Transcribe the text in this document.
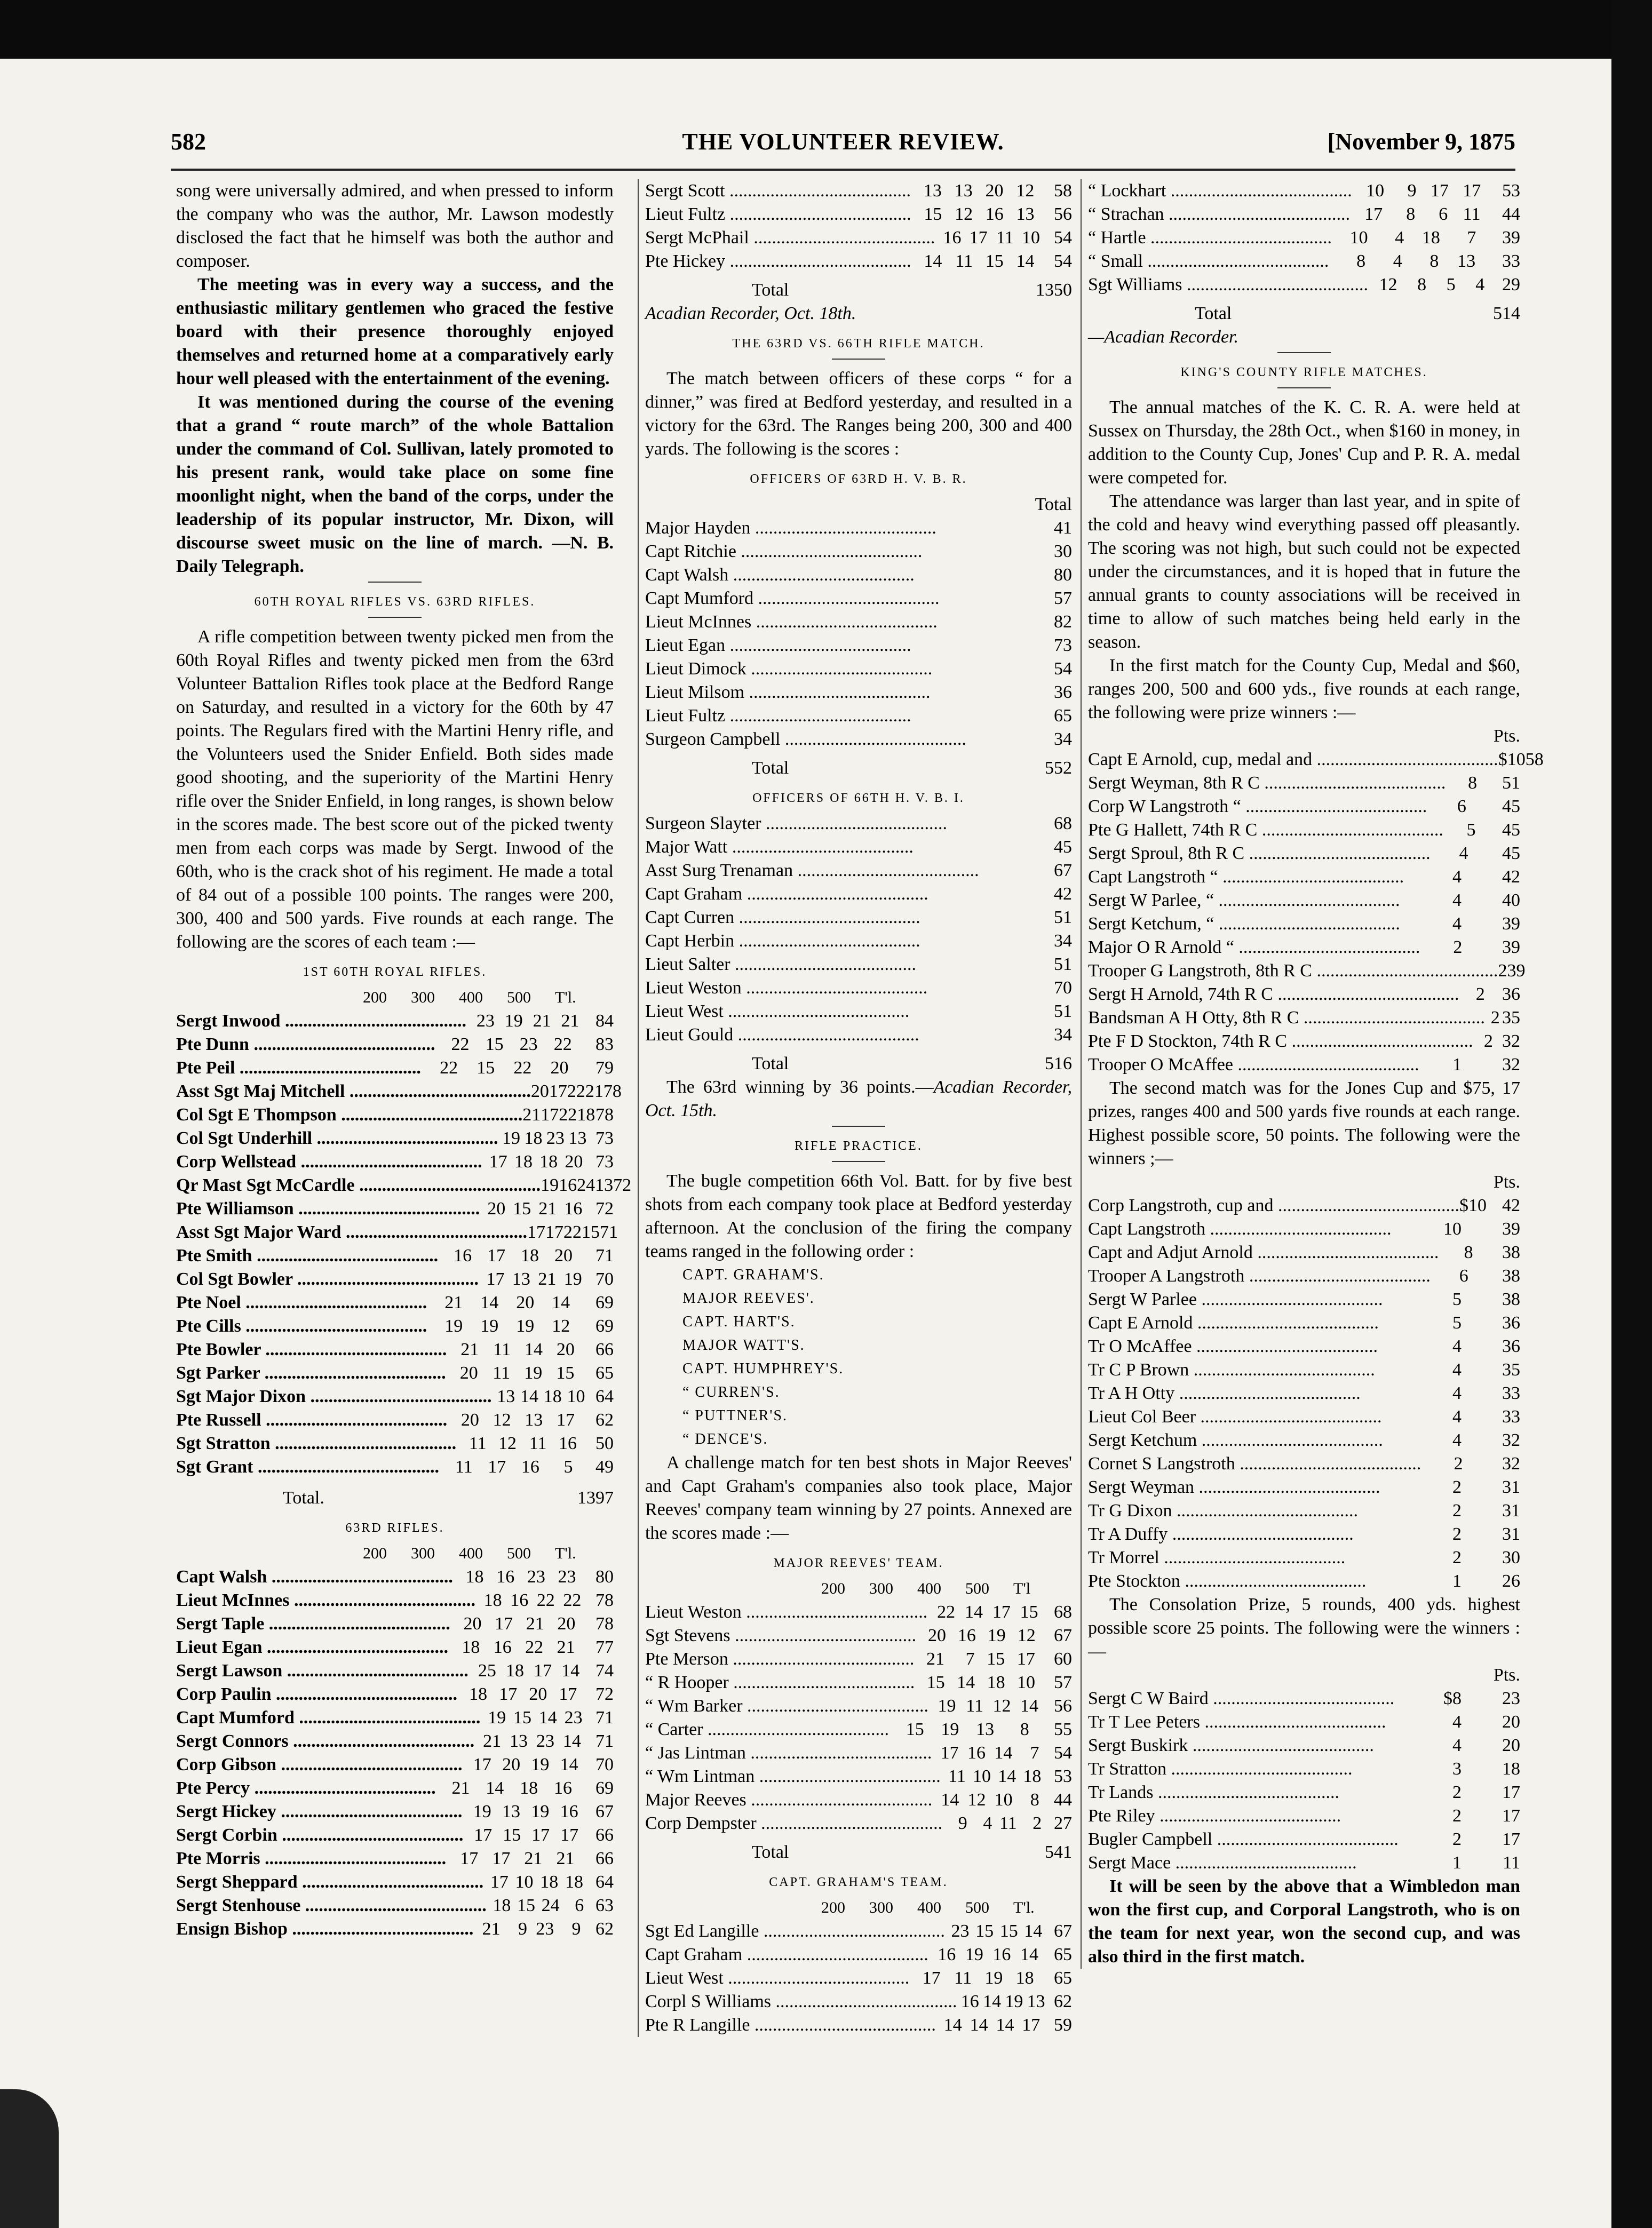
582	THE VOLUNTEER REVIEW.	[November 9, 1875

song were universally admired, and when pressed to inform the company who was the author, Mr. Lawson modestly disclosed the fact that he himself was both the author and composer.

The meeting was in every way a success, and the enthusiastic military gentlemen who graced the festive board with their presence thoroughly enjoyed themselves and returned home at a comparatively early hour well pleased with the entertainment of the evening.

It was mentioned during the course of the evening that a grand “ route march” of the whole Battalion under the command of Col. Sullivan, lately promoted to his present rank, would take place on some fine moonlight night, when the band of the corps, under the leadership of its popular instructor, Mr. Dixon, will discourse sweet music on the line of march. —N. B. Daily Telegraph.

60TH ROYAL RIFLES VS. 63RD RIFLES.

A rifle competition between twenty picked men from the 60th Royal Rifles and twenty picked men from the 63rd Volunteer Battalion Rifles took place at the Bedford Range on Saturday, and resulted in a victory for the 60th by 47 points. The Regulars fired with the Martini Henry rifle, and the Volunteers used the Snider Enfield. Both sides made good shooting, and the superiority of the Martini Henry rifle over the Snider Enfield, in long ranges, is shown below in the scores made. The best score out of the picked twenty men from each corps was made by Sergt. Inwood of the 60th, who is the crack shot of his regiment. He made a total of 84 out of a possible 100 points. The ranges were 200, 300, 400 and 500 yards. Five rounds at each range. The following are the scores of each team :—

1ST 60TH ROYAL RIFLES.
200	300	400	500	T'l.
Sergt Inwood ........................................ 23 19 21 21 84
Pte Dunn ........................................ 22 15 23 22	83
Pte Peil ........................................	22	15	22	20	79
Asst Sgt Maj Mitchell ........................................ 20 17 22 21 78
Col Sgt E Thompson ........................................ 21 17 22 18 78
Col Sgt Underhill ........................................ 19 18 23 13 73
Corp Wellstead ........................................ 17 18 18 20 73
Qr Mast Sgt McCardle ........................................ 19 16 24 13 72
Pte Williamson ........................................ 20 15 21 16 72
Asst Sgt Major Ward ........................................ 17 17 22 15 71
Pte Smith ........................................ 16 17 18 20	71
Col Sgt Bowler ........................................ 17 13 21 19 70
Pte Noel ........................................ 21 14 20 14	69
Pte Cills ........................................ 19 19 19 12	69
Pte Bowler ........................................ 21 11 14 20	66
Sgt Parker ........................................ 20 11 19 15	65
Sgt Major Dixon ........................................ 13 14 18 10 64
Pte Russell ........................................ 20 12 13 17	62
Sgt Stratton ........................................ 11 12 11 16	50
Sgt Grant ........................................ 11 17 16	5	49
Total.	1397
63RD RIFLES.
200	300	400	500	T'l.
Capt Walsh ........................................ 18 16 23 23	80
Lieut McInnes ........................................ 18 16 22 22 78
Sergt Taple ........................................ 20 17 21 20	78
Lieut Egan ........................................ 18 16 22 21	77
Sergt Lawson ........................................ 25 18 17 14 74
Corp Paulin ........................................ 18 17 20 17	72
Capt Mumford ........................................ 19 15 14 23 71
Sergt Connors ........................................ 21 13 23 14 71
Corp Gibson ........................................ 17 20 19 14 70
Pte Percy ........................................ 21 14 18 16	69
Sergt Hickey ........................................ 19 13 19 16 67
Sergt Corbin ........................................ 17 15 17 17 66
Pte Morris ........................................ 17 17 21 21	66
Sergt Sheppard ........................................ 17 10 18 18 64
Sergt Stenhouse ........................................ 18 15 24 6 63
Ensign Bishop ........................................ 21 9 23 9 62
Sergt Scott ........................................ 13 13 20 12	58
Lieut Fultz ........................................ 15 12 16 13	56
Sergt McPhail ........................................ 16 17 11 10 54
Pte Hickey ........................................ 14 11 15 14	54
Total	1350
Acadian Recorder, Oct. 18th.
THE 63RD VS. 66TH RIFLE MATCH.

The match between officers of these corps “ for a dinner,” was fired at Bedford yesterday, and resulted in a victory for the 63rd. The Ranges being 200, 300 and 400 yards. The following is the scores :

OFFICERS OF 63RD H. V. B. R.
Total
Major Hayden ........................................	41
Capt Ritchie ........................................	30
Capt Walsh ........................................	80
Capt Mumford ........................................	57
Lieut McInnes ........................................	82
Lieut Egan ........................................	73
Lieut Dimock ........................................	54
Lieut Milsom ........................................	36
Lieut Fultz ........................................	65
Surgeon Campbell ........................................	34
Total	552
OFFICERS OF 66TH H. V. B. I.
Surgeon Slayter ........................................	68
Major Watt ........................................	45
Asst Surg Trenaman ........................................	67
Capt Graham ........................................	42
Capt Curren ........................................	51
Capt Herbin ........................................	34
Lieut Salter ........................................	51
Lieut Weston ........................................	70
Lieut West ........................................	51
Lieut Gould ........................................	34
Total	516

The 63rd winning by 36 points.—Acadian Recorder, Oct. 15th.

RIFLE PRACTICE.

The bugle competition 66th Vol. Batt. for by five best shots from each company took place at Bedford yesterday afternoon. At the conclusion of the firing the company teams ranged in the following order :

CAPT. GRAHAM'S.
MAJOR REEVES'.
CAPT. HART'S.
MAJOR WATT'S.
CAPT. HUMPHREY'S.
“ CURREN'S.
“ PUTTNER'S.
“ DENCE'S.

A challenge match for ten best shots in Major Reeves' and Capt Graham's companies also took place, Major Reeves' company team winning by 27 points. Annexed are the scores made :—

MAJOR REEVES' TEAM.
200	300	400	500	T'l
Lieut Weston ........................................ 22 14 17 15 68
Sgt Stevens ........................................ 20 16 19 12	67
Pte Merson ........................................ 21	7 15 17	60
“ R Hooper ........................................ 15 14 18 10	57
“ Wm Barker ........................................ 19 11 12 14 56
“ Carter ........................................ 15 19 13	8	55
“ Jas Lintman ........................................ 17 16 14 7 54
“ Wm Lintman ........................................ 11 10 14 18 53
Major Reeves ........................................ 14 12 10 8 44
Corp Dempster ........................................ 9 4 11 2 27
Total	541
CAPT. GRAHAM'S TEAM.
200	300	400	500	T'l.
Sgt Ed Langille ........................................ 23 15 15 14 67
Capt Graham ........................................ 16 19 16 14 65
Lieut West ........................................ 17 11 19 18	65
Corpl S Williams ........................................ 16 14 19 13 62
Pte R Langille ........................................ 14 14 14 17 59
“ Lockhart ........................................ 10	9 17 17	53
“ Strachan ........................................ 17	8	6 11	44
“ Hartle ........................................ 10	4 18	7	39
“ Small ........................................	8	4	8	13	33
Sgt Williams ........................................ 12	8	5	4 29
Total	514
—Acadian Recorder.
KING'S COUNTY RIFLE MATCHES.

The annual matches of the K. C. R. A. were held at Sussex on Thursday, the 28th Oct., when $160 in money, in addition to the County Cup, Jones' Cup and P. R. A. medal were competed for.

The attendance was larger than last year, and in spite of the cold and heavy wind everything passed off pleasantly. The scoring was not high, but such could not be expected under the circumstances, and it is hoped that in future the annual grants to county associations will be received in time to allow of such matches being held early in the season.

In the first match for the County Cup, Medal and $60, ranges 200, 500 and 600 yds., five rounds at each range, the following were prize winners :—

Pts.
Capt E Arnold, cup, medal and ........................................ $10 58
Sergt Weyman, 8th R C ........................................	8	51
Corp W Langstroth “ ........................................	6	45
Pte G Hallett, 74th R C ........................................	5	45
Sergt Sproul, 8th R C ........................................	4	45
Capt Langstroth “ ........................................	4	42
Sergt W Parlee, “ ........................................	4	40
Sergt Ketchum, “ ........................................	4	39
Major O R Arnold “ ........................................	2	39
Trooper G Langstroth, 8th R C ........................................ 2 39
Sergt H Arnold, 74th R C ........................................ 2 36
Bandsman A H Otty, 8th R C ........................................ 2 35
Pte F D Stockton, 74th R C ........................................ 2 32
Trooper O McAffee ........................................	1	32

The second match was for the Jones Cup and $75, 17 prizes, ranges 400 and 500 yards five rounds at each range. Highest possible score, 50 points. The following were the winners ;—

Pts.
Corp Langstroth, cup and ........................................ $10 42
Capt Langstroth ........................................	10	39
Capt and Adjut Arnold ........................................	8	38
Trooper A Langstroth ........................................	6	38
Sergt W Parlee ........................................	5	38
Capt E Arnold ........................................	5	36
Tr O McAffee ........................................	4	36
Tr C P Brown ........................................	4	35
Tr A H Otty ........................................	4	33
Lieut Col Beer ........................................	4	33
Sergt Ketchum ........................................	4	32
Cornet S Langstroth ........................................	2	32
Sergt Weyman ........................................	2	31
Tr G Dixon ........................................	2	31
Tr A Duffy ........................................	2	31
Tr Morrel ........................................	2	30
Pte Stockton ........................................	1	26

The Consolation Prize, 5 rounds, 400 yds. highest possible score 25 points. The following were the winners :—

Pts.
Sergt C W Baird ........................................	$8	23
Tr T Lee Peters ........................................	4	20
Sergt Buskirk ........................................	4	20
Tr Stratton ........................................	3	18
Tr Lands ........................................	2	17
Pte Riley ........................................	2	17
Bugler Campbell ........................................	2	17
Sergt Mace ........................................	1	11

It will be seen by the above that a Wimbledon man won the first cup, and Corporal Langstroth, who is on the team for next year, won the second cup, and was also third in the first match.
